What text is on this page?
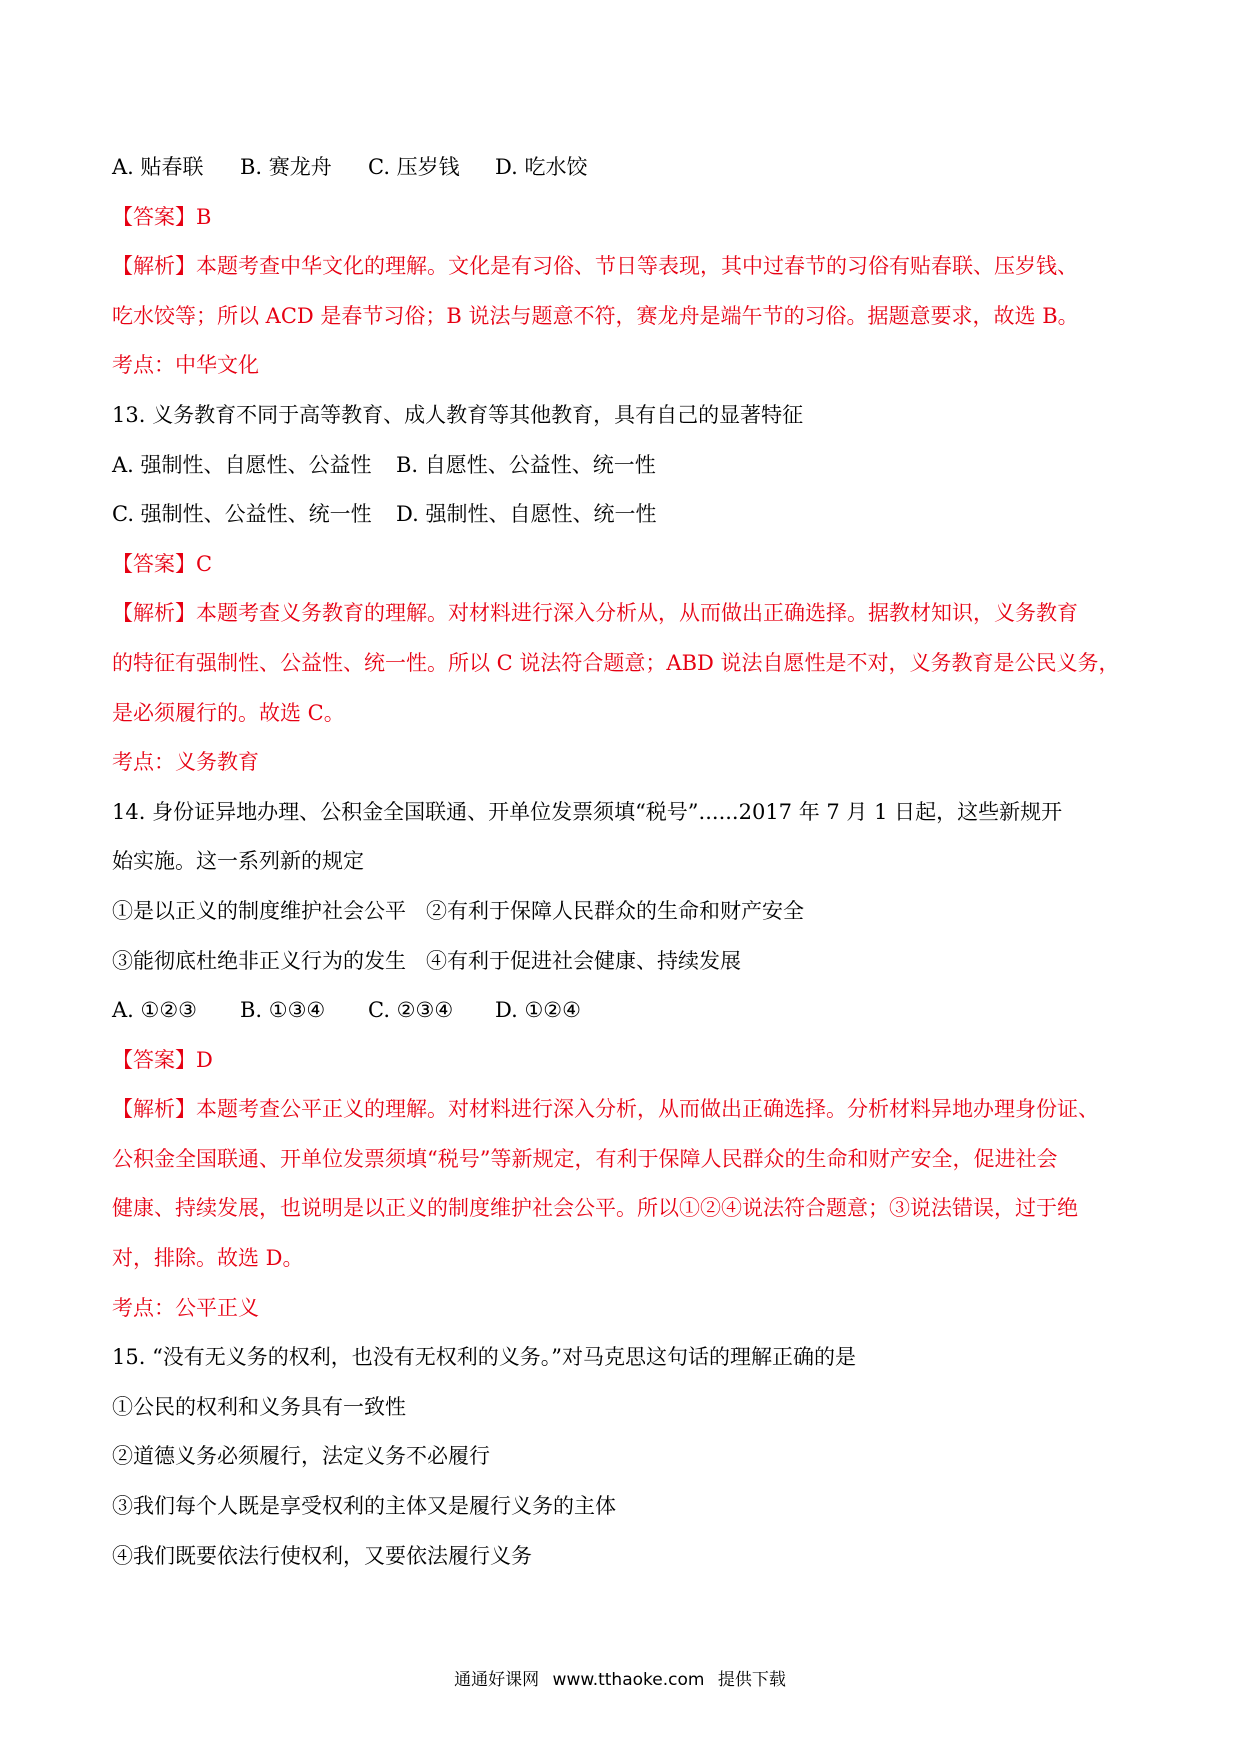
A. 贴春联 B. 赛龙舟 C. 压岁钱 D. 吃水饺
【答案】B
【解析】本题考查中华文化的理解。文化是有习俗、节日等表现，其中过春节的习俗有贴春联、压岁钱、
吃水饺等；所以 ACD 是春节习俗；B 说法与题意不符，赛龙舟是端午节的习俗。据题意要求，故选 B。
考点：中华文化
13. 义务教育不同于高等教育、成人教育等其他教育，具有自己的显著特征
A. 强制性、自愿性、公益性 B. 自愿性、公益性、统一性
C. 强制性、公益性、统一性 D. 强制性、自愿性、统一性
【答案】C
【解析】本题考查义务教育的理解。对材料进行深入分析从，从而做出正确选择。据教材知识，义务教育
的特征有强制性、公益性、统一性。所以 C 说法符合题意；ABD 说法自愿性是不对，义务教育是公民义务，
是必须履行的。故选 C。
考点：义务教育
14. 身份证异地办理、公积金全国联通、开单位发票须填“税号”......2017 年 7 月 1 日起，这些新规开
始实施。这一系列新的规定
①是以正义的制度维护社会公平 ②有利于保障人民群众的生命和财产安全
③能彻底杜绝非正义行为的发生 ④有利于促进社会健康、持续发展
A. ①②③ B. ①③④ C. ②③④ D. ①②④
【答案】D
【解析】本题考查公平正义的理解。对材料进行深入分析，从而做出正确选择。分析材料异地办理身份证、
公积金全国联通、开单位发票须填“税号”等新规定，有利于保障人民群众的生命和财产安全，促进社会
健康、持续发展，也说明是以正义的制度维护社会公平。所以①②④说法符合题意；③说法错误，过于绝
对，排除。故选 D。
考点：公平正义
15. “没有无义务的权利，也没有无权利的义务。”对马克思这句话的理解正确的是
①公民的权利和义务具有一致性
②道德义务必须履行，法定义务不必履行
③我们每个人既是享受权利的主体又是履行义务的主体
④我们既要依法行使权利，又要依法履行义务
通通好课网 www.tthaoke.com 提供下载
